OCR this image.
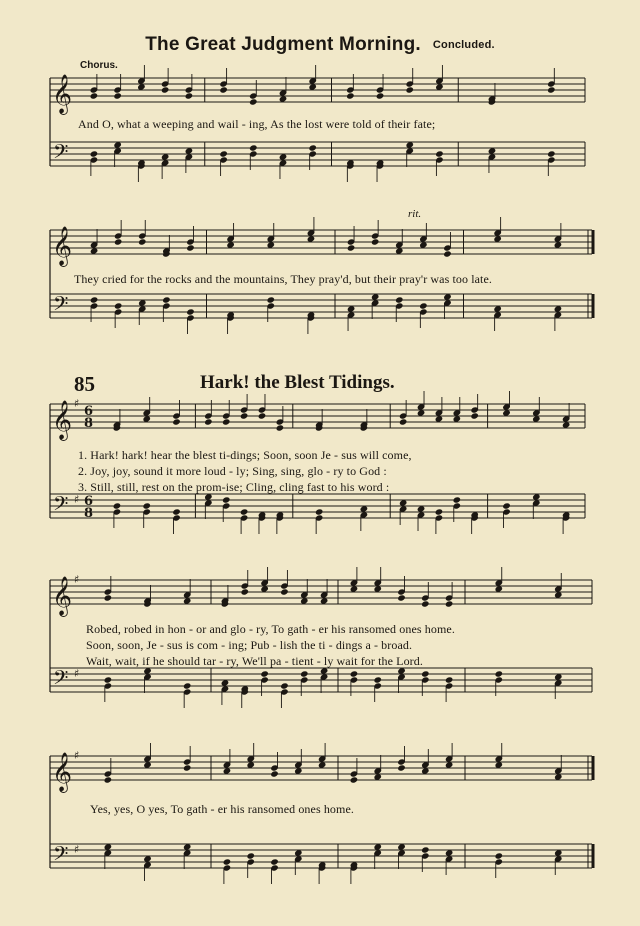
The Great Judgment Morning. Concluded.
Chorus.
rit.
85	Hark! the Blest Tidings.
And O, what a weeping and wail - ing, As the lost were told of their fate;
They cried for the rocks and the mountains, They pray'd, but their pray'r was too late.
1. Hark! hark! hear the blest ti-dings; Soon, soon Je - sus will come,
2. Joy, joy, sound it more loud - ly; Sing, sing, glo - ry to God :
3. Still, still, rest on the prom-ise; Cling, cling fast to his word :
Robed, robed in hon - or and glo - ry, To gath - er his ransomed ones home.
Soon, soon, Je - sus is com - ing; Pub - lish the ti - dings a - broad.
Wait, wait, if he should tar - ry, We'll pa - tient - ly wait for the Lord.
Yes, yes, O yes, To gath - er his ransomed ones home.
𝄞
𝄢
𝄞
𝄢
𝄞
𝄢
♯
♯
6
8
6
8
𝄞
𝄢
♯
♯
𝄞
𝄢
♯
♯
